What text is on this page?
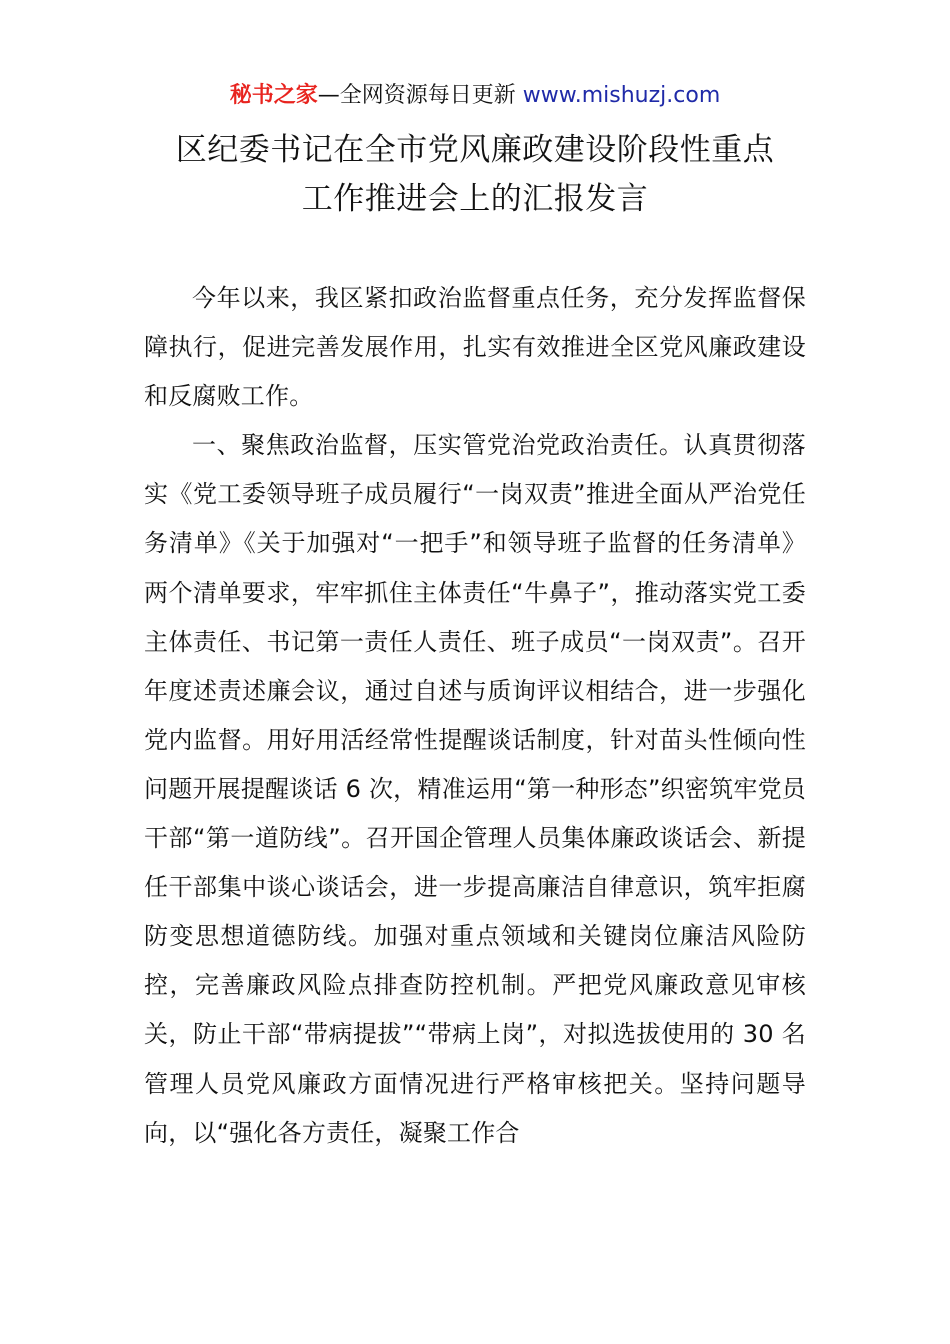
秘书之家—全网资源每日更新 www.mishuzj.com
区纪委书记在全市党风廉政建设阶段性重点
工作推进会上的汇报发言

今年以来，我区紧扣政治监督重点任务，充分发挥监督保障执行，促进完善发展作用，扎实有效推进全区党风廉政建设和反腐败工作。

一、聚焦政治监督，压实管党治党政治责任。认真贯彻落实《党工委领导班子成员履行“一岗双责”推进全面从严治党任务清单》《关于加强对“一把手”和领导班子监督的任务清单》两个清单要求，牢牢抓住主体责任“牛鼻子”，推动落实党工委主体责任、书记第一责任人责任、班子成员“一岗双责”。召开年度述责述廉会议，通过自述与质询评议相结合，进一步强化党内监督。用好用活经常性提醒谈话制度，针对苗头性倾向性问题开展提醒谈话 6 次，精准运用“第一种形态”织密筑牢党员干部“第一道防线”。召开国企管理人员集体廉政谈话会、新提任干部集中谈心谈话会，进一步提高廉洁自律意识，筑牢拒腐防变思想道德防线。加强对重点领域和关键岗位廉洁风险防控，完善廉政风险点排查防控机制。严把党风廉政意见审核关，防止干部“带病提拔”“带病上岗”，对拟选拔使用的 30 名管理人员党风廉政方面情况进行严格审核把关。坚持问题导向，以“强化各方责任，凝聚工作合
